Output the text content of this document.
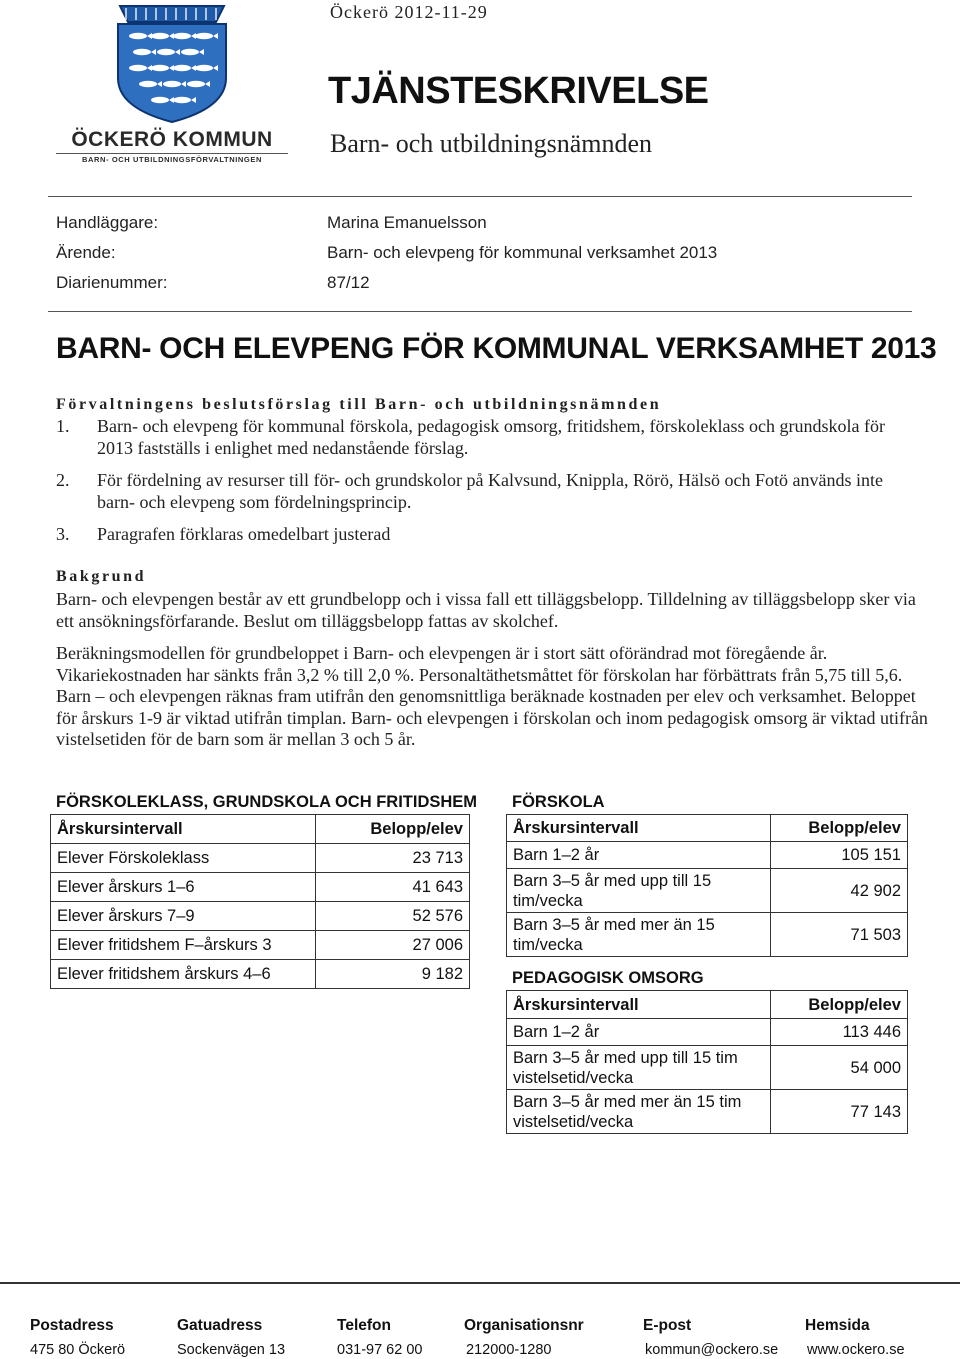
ÖCKERÖ KOMMUN
BARN- OCH UTBILDNINGSFÖRVALTNINGEN
Öckerö 2012-11-29
TJÄNSTESKRIVELSE
Barn- och utbildningsnämnden
Handläggare:	Marina Emanuelsson
Ärende:	Barn- och elevpeng för kommunal verksamhet 2013
Diarienummer:	87/12
BARN- OCH ELEVPENG FÖR KOMMUNAL VERKSAMHET 2013
Förvaltningens beslutsförslag till Barn- och utbildningsnämnden
1. Barn- och elevpeng för kommunal förskola, pedagogisk omsorg, fritidshem, förskoleklass och grundskola för 2013 fastställs i enlighet med nedanstående förslag.
2. För fördelning av resurser till för- och grundskolor på Kalvsund, Knippla, Rörö, Hälsö och Fotö används inte barn- och elevpeng som fördelningsprincip.
3. Paragrafen förklaras omedelbart justerad
Bakgrund
Barn- och elevpengen består av ett grundbelopp och i vissa fall ett tilläggsbelopp. Tilldelning av tilläggsbelopp sker via ett ansökningsförfarande. Beslut om tilläggsbelopp fattas av skolchef.
Beräkningsmodellen för grundbeloppet i Barn- och elevpengen är i stort sätt oförändrad mot föregående år. Vikariekostnaden har sänkts från 3,2 % till 2,0 %. Personaltäthetsmåttet för förskolan har förbättrats från 5,75 till 5,6. Barn – och elevpengen räknas fram utifrån den genomsnittliga beräknade kostnaden per elev och verksamhet. Beloppet för årskurs 1-9 är viktad utifrån timplan. Barn- och elevpengen i förskolan och inom pedagogisk omsorg är viktad utifrån vistelsetiden för de barn som är mellan 3 och 5 år.
FÖRSKOLEKLASS, GRUNDSKOLA OCH FRITIDSHEM
Årskursintervall	Belopp/elev
Elever Förskoleklass	23 713
Elever årskurs 1–6	41 643
Elever årskurs 7–9	52 576
Elever fritidshem F–årskurs 3	27 006
Elever fritidshem årskurs 4–6	9 182
FÖRSKOLA
Årskursintervall	Belopp/elev
Barn 1–2 år	105 151
Barn 3–5 år med upp till 15 tim/vecka	42 902
Barn 3–5 år med mer än 15 tim/vecka	71 503
PEDAGOGISK OMSORG
Årskursintervall	Belopp/elev
Barn 1–2 år	113 446
Barn 3–5 år med upp till 15 tim vistelsetid/vecka	54 000
Barn 3–5 år med mer än 15 tim vistelsetid/vecka	77 143
Postadress	Gatuadress	Telefon	Organisationsnr	E-post	Hemsida
475 80 Öckerö	Sockenvägen 13	031-97 62 00	212000-1280	kommun@ockero.se www.ockero.se
